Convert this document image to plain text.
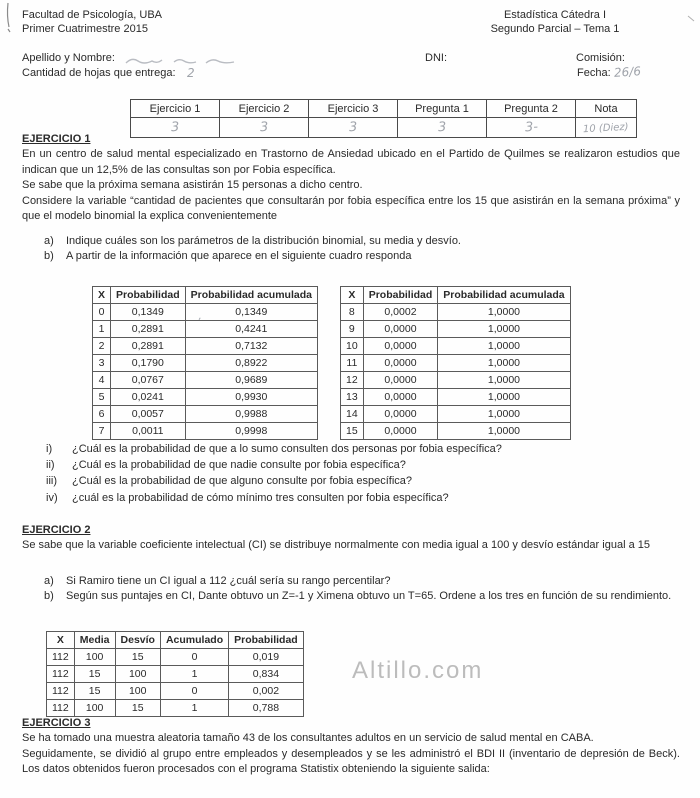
Facultad de Psicología, UBA
Primer Cuatrimestre 2015
Estadística Cátedra I
Segundo Parcial – Tema 1
Apellido y Nombre:	DNI:	Comisión:
Cantidad de hojas que entrega: 2	Fecha: 26/6
Ejercicio 1	Ejercicio 2	Ejercicio 3	Pregunta 1	Pregunta 2	Nota
3	3	3	3	3-	10 (Diez)
EJERCICIO 1

En un centro de salud mental especializado en Trastorno de Ansiedad ubicado en el Partido de Quilmes se realizaron estudios que indican que un 12,5% de las consultas son por Fobia específica.

Se sabe que la próxima semana asistirán 15 personas a dicho centro.

Considere la variable “cantidad de pacientes que consultarán por fobia específica entre los 15 que asistirán en la semana próxima” y que el modelo binomial la explica convenientemente

a)	Indique cuáles son los parámetros de la distribución binomial, su media y desvío.
b)	A partir de la información que aparece en el siguiente cuadro responda
X	Probabilidad	Probabilidad acumulada
0	0,1349	0,1349
1	0,2891	0,4241
2	0,2891	0,7132
3	0,1790	0,8922
4	0,0767	0,9689
5	0,0241	0,9930
6	0,0057	0,9988
7	0,0011	0,9998
X	Probabilidad	Probabilidad acumulada
8	0,0002	1,0000
9	0,0000	1,0000
10	0,0000	1,0000
11	0,0000	1,0000
12	0,0000	1,0000
13	0,0000	1,0000
14	0,0000	1,0000
15	0,0000	1,0000
ʼ
i)	¿Cuál es la probabilidad de que a lo sumo consulten dos personas por fobia específica?
ii)	¿Cuál es la probabilidad de que nadie consulte por fobia específica?
iii)	¿Cuál es la probabilidad de que alguno consulte por fobia específica?
iv)	¿cuál es la probabilidad de cómo mínimo tres consulten por fobia específica?
EJERCICIO 2

Se sabe que la variable coeficiente intelectual (CI) se distribuye normalmente con media igual a 100 y desvío estándar igual a 15

a)	Si Ramiro tiene un CI igual a 112 ¿cuál sería su rango percentilar?
b)	Según sus puntajes en CI, Dante obtuvo un Z=-1 y Ximena obtuvo un T=65. Ordene a los tres en función de su rendimiento.
X	Media	Desvío	Acumulado	Probabilidad
112	100	15	0	0,019
112	15	100	1	0,834
112	15	100	0	0,002
112	100	15	1	0,788
Altillo.com
EJERCICIO 3

Se ha tomado una muestra aleatoria tamaño 43 de los consultantes adultos en un servicio de salud mental en CABA.

Seguidamente, se dividió al grupo entre empleados y desempleados y se les administró el BDI II (inventario de depresión de Beck). Los datos obtenidos fueron procesados con el programa Statistix obteniendo la siguiente salida:
